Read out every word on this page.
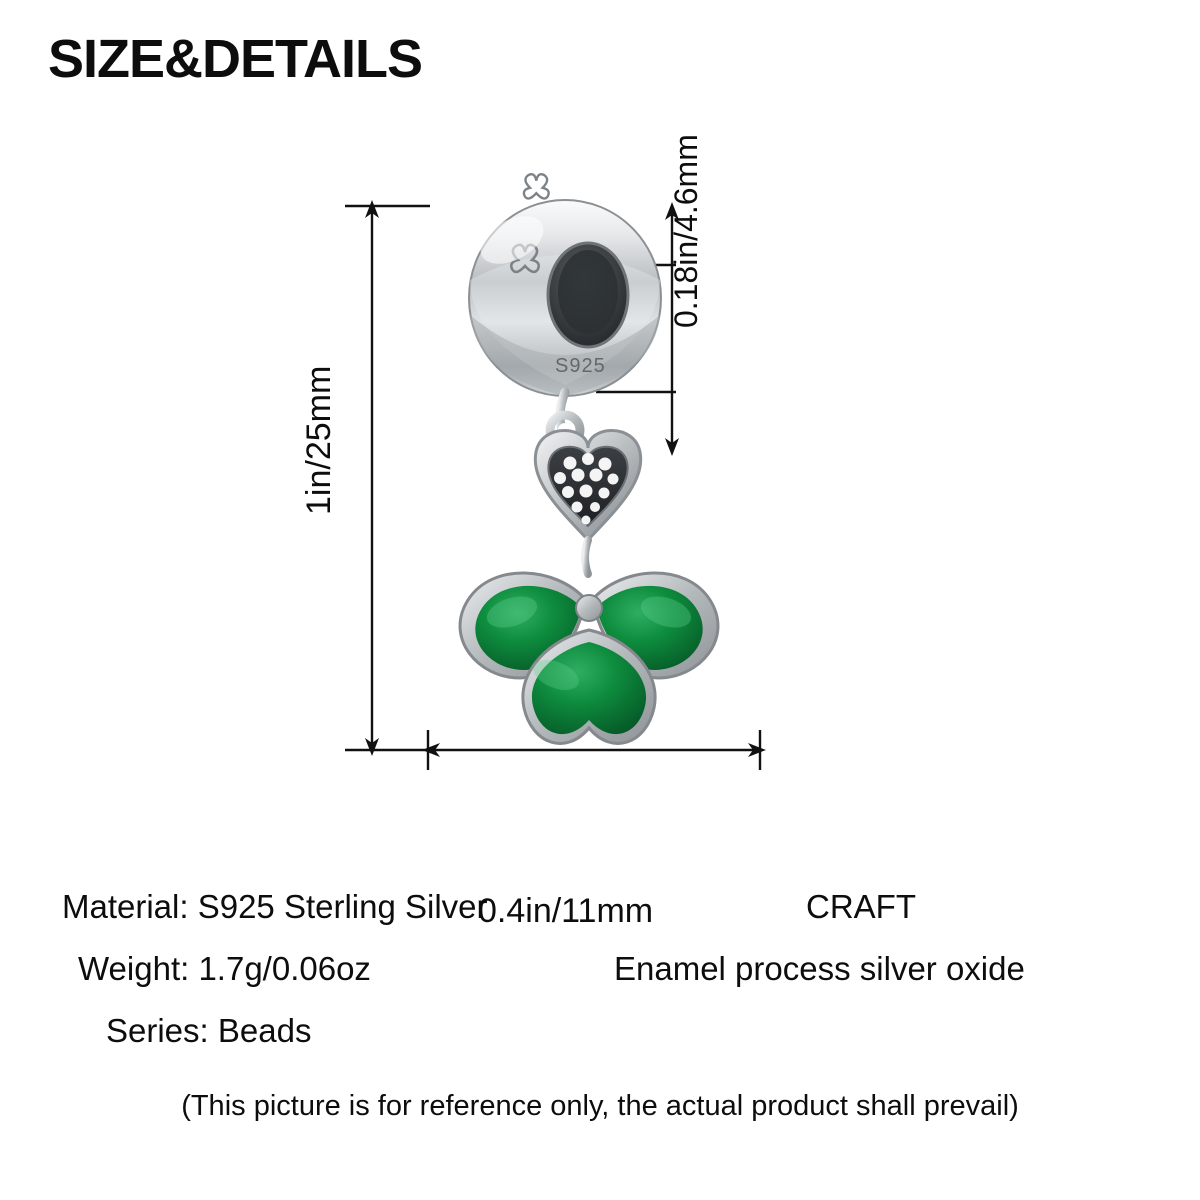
SIZE&DETAILS
S925
1in/25mm
0.18in/4.6mm
0.4in/11mm
Material: S925 Sterling Silver
Weight: 1.7g/0.06oz
Series: Beads
CRAFT
Enamel process silver oxide
(This picture is for reference only, the actual product shall prevail)
